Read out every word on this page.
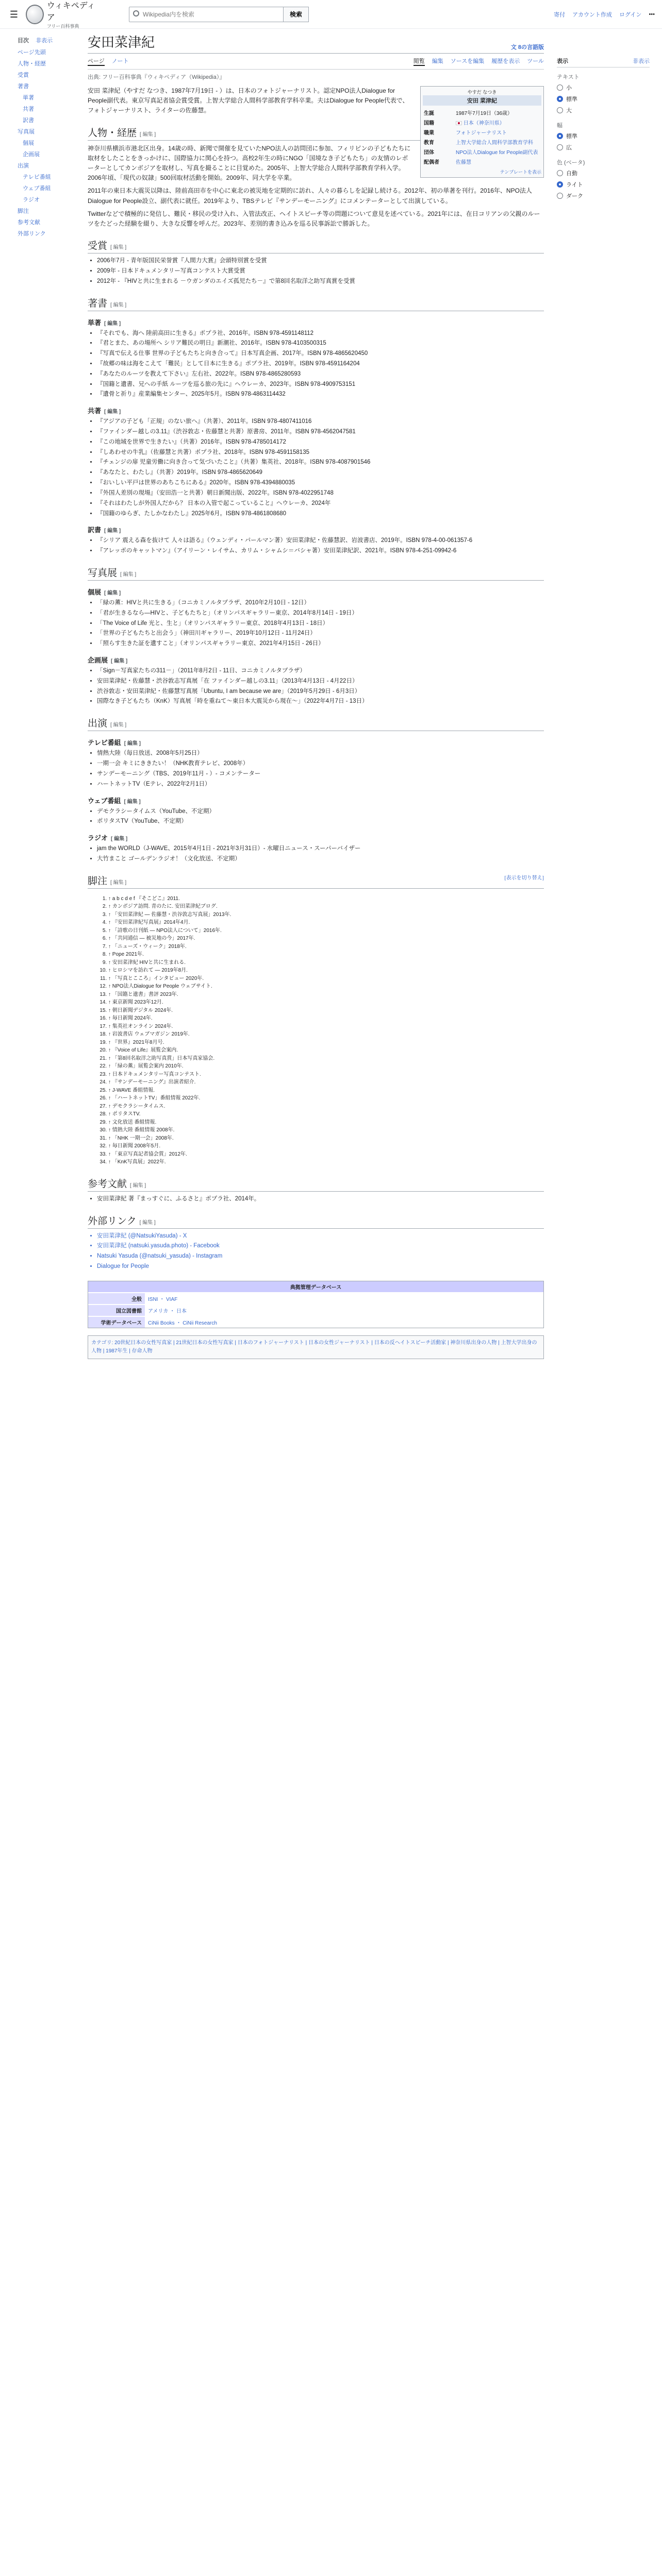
☰
ウィキペディア
フリー百科事典
Wikipedia内を検索
検索	寄付 アカウント作成 ログイン •••
目次 非表示
ページ先頭
人物・経歴
受賞
著書
単著
共著
訳書
写真展
個展
企画展
出演
テレビ番組
ウェブ番組
ラジオ
脚注
参考文献
外部リンク
表示	非表示
テキスト
小
標準
大
幅
標準
広
色 (ベータ)
自動
ライト
ダーク
安田菜津紀	文 8の言語版
ページ ノート	閲覧 編集 ソースを編集 履歴を表示 ツール
出典: フリー百科事典『ウィキペディア（Wikipedia）』
やすだ なつき
安田 菜津紀
生誕	1987年7月19日（36歳）
国籍	日本（神奈川県）
職業	フォトジャーナリスト
教育	上智大学総合人間科学部教育学科
団体	NPO法人Dialogue for People副代表
配偶者	佐藤慧
テンプレートを表示

安田 菜津紀（やすだ なつき、1987年7月19日 - ）は、日本のフォトジャーナリスト。認定NPO法人Dialogue for People副代表。東京写真記者協会賞受賞。上智大学総合人間科学部教育学科卒業。夫はDialogue for People代表で、フォトジャーナリスト、ライターの佐藤慧。

人物・経歴 [ 編集 ]

神奈川県横浜市港北区出身。14歳の時、新聞で開催を見ていたNPO法人の訪問団に参加、フィリピンの子どもたちに取材をしたことをきっかけに、国際協力に関心を持つ。高校2年生の時にNGO「国境なき子どもたち」の友情のレポーターとしてカンボジアを取材し、写真を撮ることに目覚めた。2005年、上智大学総合人間科学部教育学科入学。2006年頃、「現代の奴隷」500回取材活動を開始。2009年、同大学を卒業。

2011年の東日本大震災以降は、陸前高田市を中心に東北の被災地を定期的に訪れ、人々の暮らしを記録し続ける。2012年、初の単著を刊行。2016年、NPO法人Dialogue for People設立、副代表に就任。2019年より、TBSテレビ『サンデーモーニング』にコメンテーターとして出演している。

Twitterなどで積極的に発信し、難民・移民の受け入れ、入管法改正、ヘイトスピーチ等の問題について意見を述べている。2021年には、在日コリアンの父親のルーツをたどった経験を綴り、大きな反響を呼んだ。2023年、差別的書き込みを巡る民事訴訟で勝訴した。

受賞 [ 編集 ]
• 2006年7月 - 青年版国民栄誉賞『人間力大賞』会頭特別賞を受賞
• 2009年 - 日本ドキュメンタリー写真コンテスト大賞受賞
• 2012年 - 『HIVと共に生まれる －ウガンダのエイズ孤児たち－』で第8回名取洋之助写真賞を受賞
著書 [ 編集 ]
単著 [ 編集 ]
• 『それでも、海へ 陸前高田に生きる』ポプラ社、2016年。ISBN 978-4591148112
• 『君とまた、あの場所へ シリア難民の明日』新潮社、2016年。ISBN 978-4103500315
• 『写真で伝える仕事 世界の子どもたちと向き合って』日本写真企画、2017年。ISBN 978-4865620450
• 『故郷の味は海をこえて「難民」として日本に生きる』ポプラ社、2019年。ISBN 978-4591164204
• 『あなたのルーツを教えて下さい』左右社、2022年。ISBN 978-4865280593
• 『国籍と遺書、兄への手紙 ルーツを巡る旅の先に』ヘウレーカ、2023年。ISBN 978-4909753151
• 『遺骨と祈り』産業編集センター、2025年5月。ISBN 978-4863114432
共著 [ 編集 ]
• 『アジアの子ども「正規」のない旅へ』（共著）、2011年。ISBN 978-4807411016
• 『ファインダー越しの3.11』（渋谷敦志・佐藤慧と共著）原書房、2011年。ISBN 978-4562047581
• 『この地域を世界で生きたい』（共著）2016年。ISBN 978-4785014172
• 『しあわせの牛乳』（佐藤慧と共著）ポプラ社、2018年。ISBN 978-4591158135
• 『チェンジの扉 児童労働に向き合って気づいたこと』（共著）集英社、2018年。ISBN 978-4087901546
• 『あなたと、わたし』（共著）2019年。ISBN 978-4865620649
• 『おいしい平戸は世界のあちこちにある』2020年。ISBN 978-4394880035
• 『外国人差別の現場』（安田浩一と共著）朝日新聞出版、2022年。ISBN 978-4022951748
• 『それはわたしが外国人だから？ 日本の入管で起こっていること』ヘウレーカ、2024年
• 『国籍のゆらぎ、たしかなわたし』2025年6月。ISBN 978-4861808680
訳書 [ 編集 ]
• 『シリア 震える森を抜けて 人々は語る』（ウェンディ・パールマン著）安田菜津紀・佐藤慧訳、岩波書店、2019年。ISBN 978-4-00-061357-6
• 『アレッポのキャットマン』（アイリーン・レイサム、カリム・シャムシ＝バシャ著）安田菜津紀訳、2021年。ISBN 978-4-251-09942-6
写真展 [ 編集 ]
個展 [ 編集 ]
• 「緑の薫：HIVと共に生きる」（コニカミノルタプラザ、2010年2月10日 - 12日）
• 「君が生きるなら―HIVと、子どもたちと」（オリンパスギャラリー東京、2014年8月14日 - 19日）
• 「The Voice of Life 光と、生と」（オリンパスギャラリー東京、2018年4月13日 - 18日）
• 「世界の子どもたちと出会う」（神田川ギャラリー、2019年10月12日 - 11月24日）
• 「照らす生きた証を遺すこと」（オリンパスギャラリー東京、2021年4月15日 - 26日）
企画展 [ 編集 ]
• 「Sign－写真家たちの311－」（2011年8月2日 - 11日、コニカミノルタプラザ）
• 安田菜津紀・佐藤慧・渋谷敦志写真展「在 ファインダー越しの3.11」（2013年4月13日 - 4月22日）
• 渋谷敦志・安田菜津紀・佐藤慧写真展「Ubuntu, I am because we are」（2019年5月29日 - 6月3日）
• 国際なき子どもたち（KnK）写真展「時を重ねて～東日本大震災から現在～」（2022年4月7日 - 13日）
出演 [ 編集 ]
テレビ番組 [ 編集 ]
• 情熱大陸（毎日放送、2008年5月25日）
• 一期一会 キミにききたい！（NHK教育テレビ、2008年）
• サンデーモーニング（TBS、2019年11月 - ）- コメンテーター
• ハートネットTV（Eテレ、2022年2月1日）
ウェブ番組 [ 編集 ]
• デモクラシータイムス（YouTube、不定期）
• ポリタスTV（YouTube、不定期）
ラジオ [ 編集 ]
• jam the WORLD（J-WAVE、2015年4月1日 - 2021年3月31日）- 水曜日ニュース・スーパーバイザー
• 大竹まこと ゴールデンラジオ！（文化放送、不定期）
脚注 [ 編集 ]
[表示を切り替え]
1. ↑ a b c d e f 『そこどこ』2011.
2. ↑ カンボジア訪問. 青のたに. 安田菜津紀ブログ.
3. ↑ 「安田菜津紀 ― 佐藤慧・渋谷敦志写真展」2013年.
4. ↑ 『安田菜津紀写真展』2014年4月.
5. ↑ 「詩歌の日刊紙 ― NPO法人について」2016年.
6. ↑ 「共同通信 ― 被災地の今」2017年.
7. ↑ 「ニューズ・ウィーク」2018年.
8. ↑ Pope 2021年.
9. ↑ 安田菜津紀 HIVと共に生まれる.
10. ↑ ヒロシマを訪れて ― 2019年8月.
11. ↑ 「写真とこころ」インタビュー 2020年.
12. ↑ NPO法人Dialogue for People ウェブサイト.
13. ↑ 「国籍と遺書」書評 2023年.
14. ↑ 東京新聞 2023年12月.
15. ↑ 朝日新聞デジタル 2024年.
16. ↑ 毎日新聞 2024年.
17. ↑ 集英社オンライン 2024年.
18. ↑ 岩波書店 ウェブマガジン 2019年.
19. ↑ 『世界』2021年8月号.
20. ↑ 『Voice of Life』展覧会案内.
21. ↑ 「第8回名取洋之助写真賞」日本写真家協会.
22. ↑ 「緑の薫」展覧会案内 2010年.
23. ↑ 日本ドキュメンタリー写真コンテスト.
24. ↑ 『サンデーモーニング』出演者紹介.
25. ↑ J-WAVE 番組情報.
26. ↑ 「ハートネットTV」番組情報 2022年.
27. ↑ デモクラシータイムス.
28. ↑ ポリタスTV.
29. ↑ 文化放送 番組情報.
30. ↑ 情熱大陸 番組情報 2008年.
31. ↑ 「NHK 一期一会」2008年.
32. ↑ 毎日新聞 2008年5月.
33. ↑ 「東京写真記者協会賞」2012年.
34. ↑ 「KnK写真展」2022年.
参考文献 [ 編集 ]
• 安田菜津紀 著『まっすぐに、ふるさと』ポプラ社、2014年。
外部リンク [ 編集 ]
• 安田菜津紀 (@NatsukiYasuda) - X
• 安田菜津紀 (natsuki.yasuda.photo) - Facebook
• Natsuki Yasuda (@natsuki_yasuda) - Instagram
• Dialogue for People
典拠管理データベース
全般	ISNI ・ VIAF
国立図書館	アメリカ ・ 日本
学術データベース	CiNii Books ・ CiNii Research
カテゴリ: 20世紀日本の女性写真家 | 21世紀日本の女性写真家 | 日本のフォトジャーナリスト | 日本の女性ジャーナリスト | 日本の反ヘイトスピーチ活動家 | 神奈川県出身の人物 | 上智大学出身の人物 | 1987年生 | 存命人物
